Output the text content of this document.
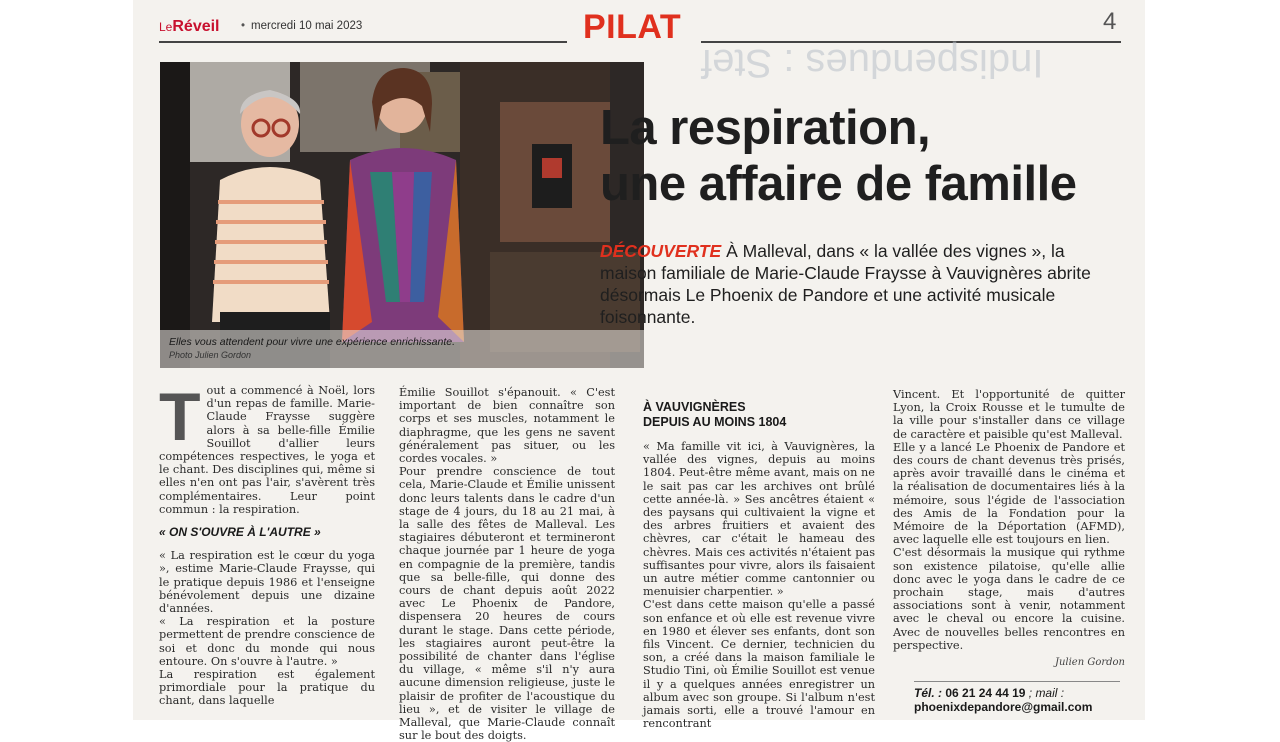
LeRéveil
•	mercredi 10 mai 2023	PILAT	4
Indispendues : Stef
Elles vous attendent pour vivre une expérience enrichissante.
Photo Julien Gordon
La respiration,
une affaire de famille
DÉCOUVERTE À Malleval, dans « la vallée des vignes », la maison familiale de Marie-Claude Fraysse à Vauvignères abrite désormais Le Phoenix de Pandore et une activité musicale foisonnante.

Tout a commencé à Noël, lors d'un repas de famille. Marie-Claude Fraysse suggère alors à sa belle-fille Émilie Souillot d'allier leurs compétences respectives, le yoga et le chant. Des disciplines qui, même si elles n'en ont pas l'air, s'avèrent très complémentaires. Leur point commun : la respiration.

« ON S'OUVRE À L'AUTRE »

« La respiration est le cœur du yoga », estime Marie-Claude Fraysse, qui le pratique depuis 1986 et l'enseigne bénévolement depuis une dizaine d'années.

« La respiration et la posture permettent de prendre conscience de soi et donc du monde qui nous entoure. On s'ouvre à l'autre. »

La respiration est également primordiale pour la pratique du chant, dans laquelle

Émilie Souillot s'épanouit. « C'est important de bien connaître son corps et ses muscles, notamment le diaphragme, que les gens ne savent généralement pas situer, ou les cordes vocales. »

Pour prendre conscience de tout cela, Marie-Claude et Émilie unissent donc leurs talents dans le cadre d'un stage de 4 jours, du 18 au 21 mai, à la salle des fêtes de Malleval. Les stagiaires débuteront et termineront chaque journée par 1 heure de yoga en compagnie de la première, tandis que sa belle-fille, qui donne des cours de chant depuis août 2022 avec Le Phoenix de Pandore, dispensera 20 heures de cours durant le stage. Dans cette période, les stagiaires auront peut-être la possibilité de chanter dans l'église du village, « même s'il n'y aura aucune dimension religieuse, juste le plaisir de profiter de l'acoustique du lieu », et de visiter le village de Malleval, que Marie-Claude connaît sur le bout des doigts.

À VAUVIGNÈRES
DEPUIS AU MOINS 1804

« Ma famille vit ici, à Vauvignères, la vallée des vignes, depuis au moins 1804. Peut-être même avant, mais on ne le sait pas car les archives ont brûlé cette année-là. » Ses ancêtres étaient « des paysans qui cultivaient la vigne et des arbres fruitiers et avaient des chèvres, car c'était le hameau des chèvres. Mais ces activités n'étaient pas suffisantes pour vivre, alors ils faisaient un autre métier comme cantonnier ou menuisier charpentier. »

C'est dans cette maison qu'elle a passé son enfance et où elle est revenue vivre en 1980 et élever ses enfants, dont son fils Vincent. Ce dernier, technicien du son, a créé dans la maison familiale le Studio Tini, où Émilie Souillot est venue il y a quelques années enregistrer un album avec son groupe. Si l'album n'est jamais sorti, elle a trouvé l'amour en rencontrant

Vincent. Et l'opportunité de quitter Lyon, la Croix Rousse et le tumulte de la ville pour s'installer dans ce village de caractère et paisible qu'est Malleval.

Elle y a lancé Le Phoenix de Pandore et des cours de chant devenus très prisés, après avoir travaillé dans le cinéma et la réalisation de documentaires liés à la mémoire, sous l'égide de l'association des Amis de la Fondation pour la Mémoire de la Déportation (AFMD), avec laquelle elle est toujours en lien.

C'est désormais la musique qui rythme son existence pilatoise, qu'elle allie donc avec le yoga dans le cadre de ce prochain stage, mais d'autres associations sont à venir, notamment avec le cheval ou encore la cuisine. Avec de nouvelles belles rencontres en perspective.

Julien Gordon
Tél. : 06 21 24 44 19 ; mail : phoenixdepandore@gmail.com
